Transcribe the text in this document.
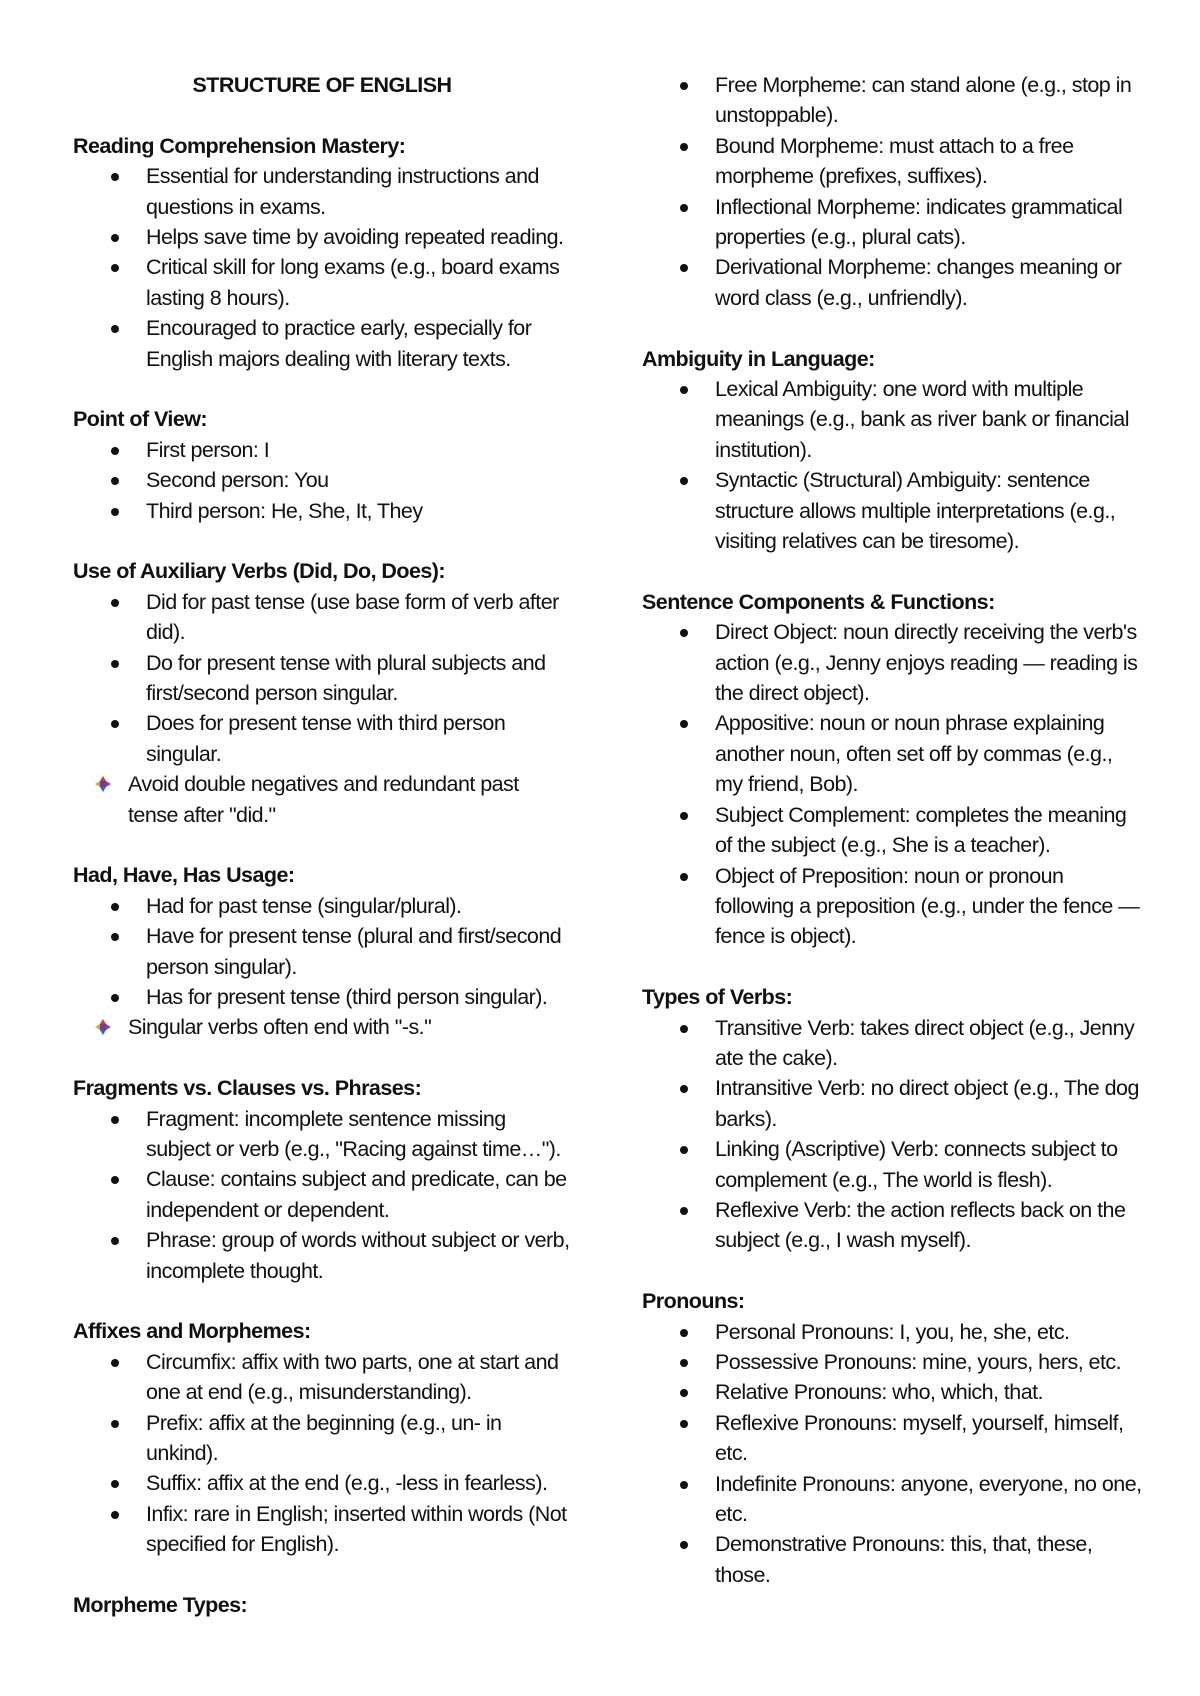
STRUCTURE OF ENGLISH
Reading Comprehension Mastery:
Essential for understanding instructions and questions in exams.
Helps save time by avoiding repeated reading.
Critical skill for long exams (e.g., board exams lasting 8 hours).
Encouraged to practice early, especially for English majors dealing with literary texts.
Point of View:
First person: I
Second person: You
Third person: He, She, It, They
Use of Auxiliary Verbs (Did, Do, Does):
Did for past tense (use base form of verb after did).
Do for present tense with plural subjects and first/second person singular.
Does for present tense with third person singular.
Avoid double negatives and redundant past tense after "did."
Had, Have, Has Usage:
Had for past tense (singular/plural).
Have for present tense (plural and first/second person singular).
Has for present tense (third person singular).
Singular verbs often end with "-s."
Fragments vs. Clauses vs. Phrases:
Fragment: incomplete sentence missing subject or verb (e.g., "Racing against time…").
Clause: contains subject and predicate, can be independent or dependent.
Phrase: group of words without subject or verb, incomplete thought.
Affixes and Morphemes:
Circumfix: affix with two parts, one at start and one at end (e.g., misunderstanding).
Prefix: affix at the beginning (e.g., un- in unkind).
Suffix: affix at the end (e.g., -less in fearless).
Infix: rare in English; inserted within words (Not specified for English).
Morpheme Types:
Free Morpheme: can stand alone (e.g., stop in unstoppable).
Bound Morpheme: must attach to a free morpheme (prefixes, suffixes).
Inflectional Morpheme: indicates grammatical properties (e.g., plural cats).
Derivational Morpheme: changes meaning or word class (e.g., unfriendly).
Ambiguity in Language:
Lexical Ambiguity: one word with multiple meanings (e.g., bank as river bank or financial institution).
Syntactic (Structural) Ambiguity: sentence structure allows multiple interpretations (e.g., visiting relatives can be tiresome).
Sentence Components & Functions:
Direct Object: noun directly receiving the verb's action (e.g., Jenny enjoys reading — reading is the direct object).
Appositive: noun or noun phrase explaining another noun, often set off by commas (e.g., my friend, Bob).
Subject Complement: completes the meaning of the subject (e.g., She is a teacher).
Object of Preposition: noun or pronoun following a preposition (e.g., under the fence — fence is object).
Types of Verbs:
Transitive Verb: takes direct object (e.g., Jenny ate the cake).
Intransitive Verb: no direct object (e.g., The dog barks).
Linking (Ascriptive) Verb: connects subject to complement (e.g., The world is flesh).
Reflexive Verb: the action reflects back on the subject (e.g., I wash myself).
Pronouns:
Personal Pronouns: I, you, he, she, etc.
Possessive Pronouns: mine, yours, hers, etc.
Relative Pronouns: who, which, that.
Reflexive Pronouns: myself, yourself, himself, etc.
Indefinite Pronouns: anyone, everyone, no one, etc.
Demonstrative Pronouns: this, that, these, those.
